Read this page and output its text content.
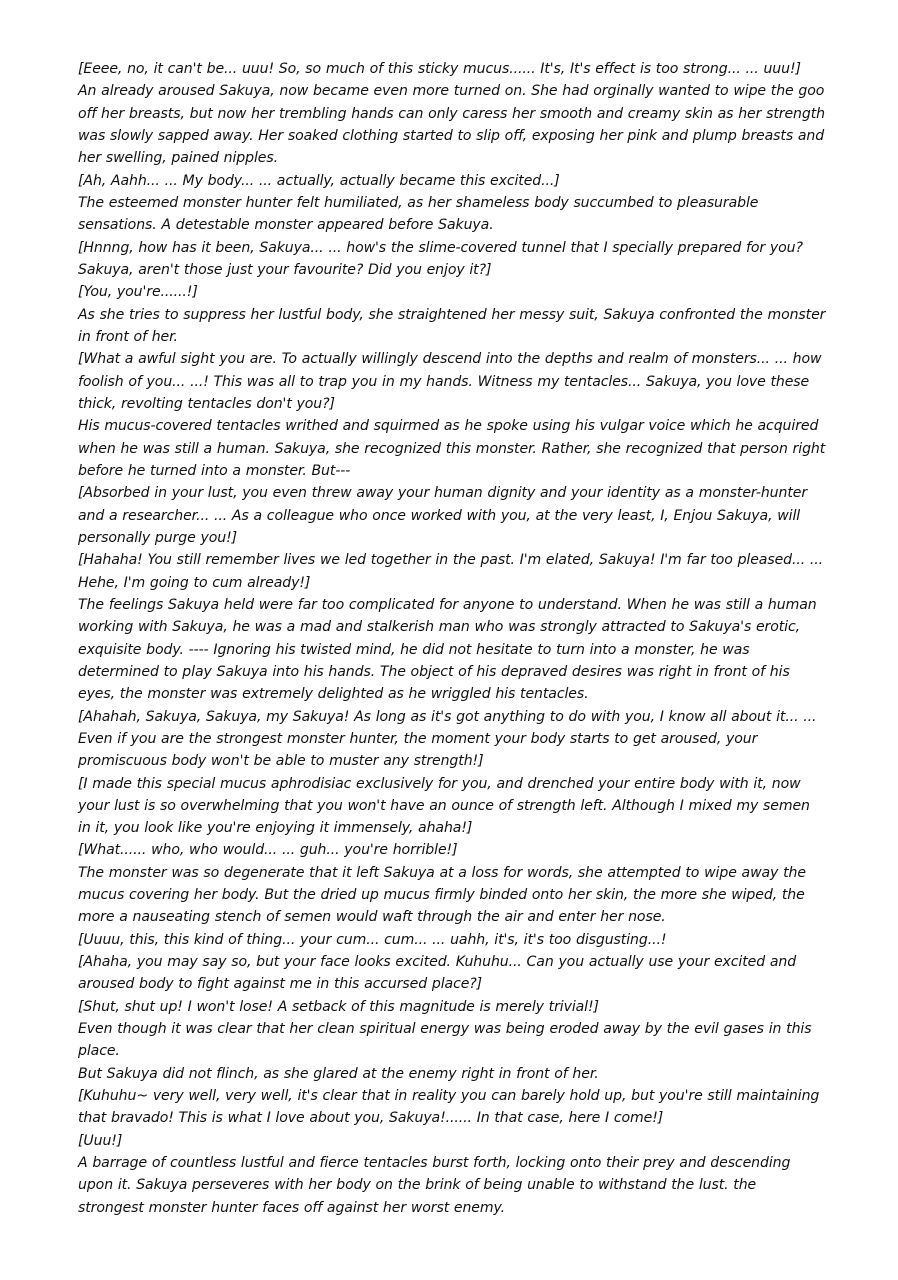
[Eeee, no, it can't be... uuu! So, so much of this sticky mucus...... It's, It's effect is too strong... ... uuu!]

An already aroused Sakuya, now became even more turned on. She had orginally wanted to wipe the goo off her breasts, but now her trembling hands can only caress her smooth and creamy skin as her strength was slowly sapped away. Her soaked clothing started to slip off, exposing her pink and plump breasts and her swelling, pained nipples.

[Ah, Aahh... ... My body... ... actually, actually became this excited...]

The esteemed monster hunter felt humiliated, as her shameless body succumbed to pleasurable sensations. A detestable monster appeared before Sakuya.

[Hnnng, how has it been, Sakuya... ... how's the slime-covered tunnel that I specially prepared for you? Sakuya, aren't those just your favourite? Did you enjoy it?]

[You, you're......!]

As she tries to suppress her lustful body, she straightened her messy suit, Sakuya confronted the monster in front of her.

[What a awful sight you are. To actually willingly descend into the depths and realm of monsters... ... how foolish of you... ...! This was all to trap you in my hands. Witness my tentacles... Sakuya, you love these thick, revolting tentacles don't you?]

His mucus-covered tentacles writhed and squirmed as he spoke using his vulgar voice which he acquired when he was still a human. Sakuya, she recognized this monster. Rather, she recognized that person right before he turned into a monster. But---

[Absorbed in your lust, you even threw away your human dignity and your identity as a monster-hunter and a researcher... ... As a colleague who once worked with you, at the very least, I, Enjou Sakuya, will personally purge you!]

[Hahaha! You still remember lives we led together in the past. I'm elated, Sakuya! I'm far too pleased... ... Hehe, I'm going to cum already!]

The feelings Sakuya held were far too complicated for anyone to understand. When he was still a human working with Sakuya, he was a mad and stalkerish man who was strongly attracted to Sakuya's erotic, exquisite body. ---- Ignoring his twisted mind, he did not hesitate to turn into a monster, he was determined to play Sakuya into his hands. The object of his depraved desires was right in front of his eyes, the monster was extremely delighted as he wriggled his tentacles.

[Ahahah, Sakuya, Sakuya, my Sakuya! As long as it's got anything to do with you, I know all about it... ... Even if you are the strongest monster hunter, the moment your body starts to get aroused, your promiscuous body won't be able to muster any strength!]

[I made this special mucus aphrodisiac exclusively for you, and drenched your entire body with it, now your lust is so overwhelming that you won't have an ounce of strength left. Although I mixed my semen in it, you look like you're enjoying it immensely, ahaha!]

[What...... who, who would... ... guh... you're horrible!]

The monster was so degenerate that it left Sakuya at a loss for words, she attempted to wipe away the mucus covering her body. But the dried up mucus firmly binded onto her skin, the more she wiped, the more a nauseating stench of semen would waft through the air and enter her nose.

[Uuuu, this, this kind of thing... your cum... cum... ... uahh, it's, it's too disgusting...!

[Ahaha, you may say so, but your face looks excited. Kuhuhu... Can you actually use your excited and aroused body to fight against me in this accursed place?]

[Shut, shut up! I won't lose! A setback of this magnitude is merely trivial!]

Even though it was clear that her clean spiritual energy was being eroded away by the evil gases in this place.

But Sakuya did not flinch, as she glared at the enemy right in front of her.

[Kuhuhu~ very well, very well, it's clear that in reality you can barely hold up, but you're still maintaining that bravado! This is what I love about you, Sakuya!...... In that case, here I come!]

[Uuu!]

A barrage of countless lustful and fierce tentacles burst forth, locking onto their prey and descending upon it. Sakuya perseveres with her body on the brink of being unable to withstand the lust. the strongest monster hunter faces off against her worst enemy.
